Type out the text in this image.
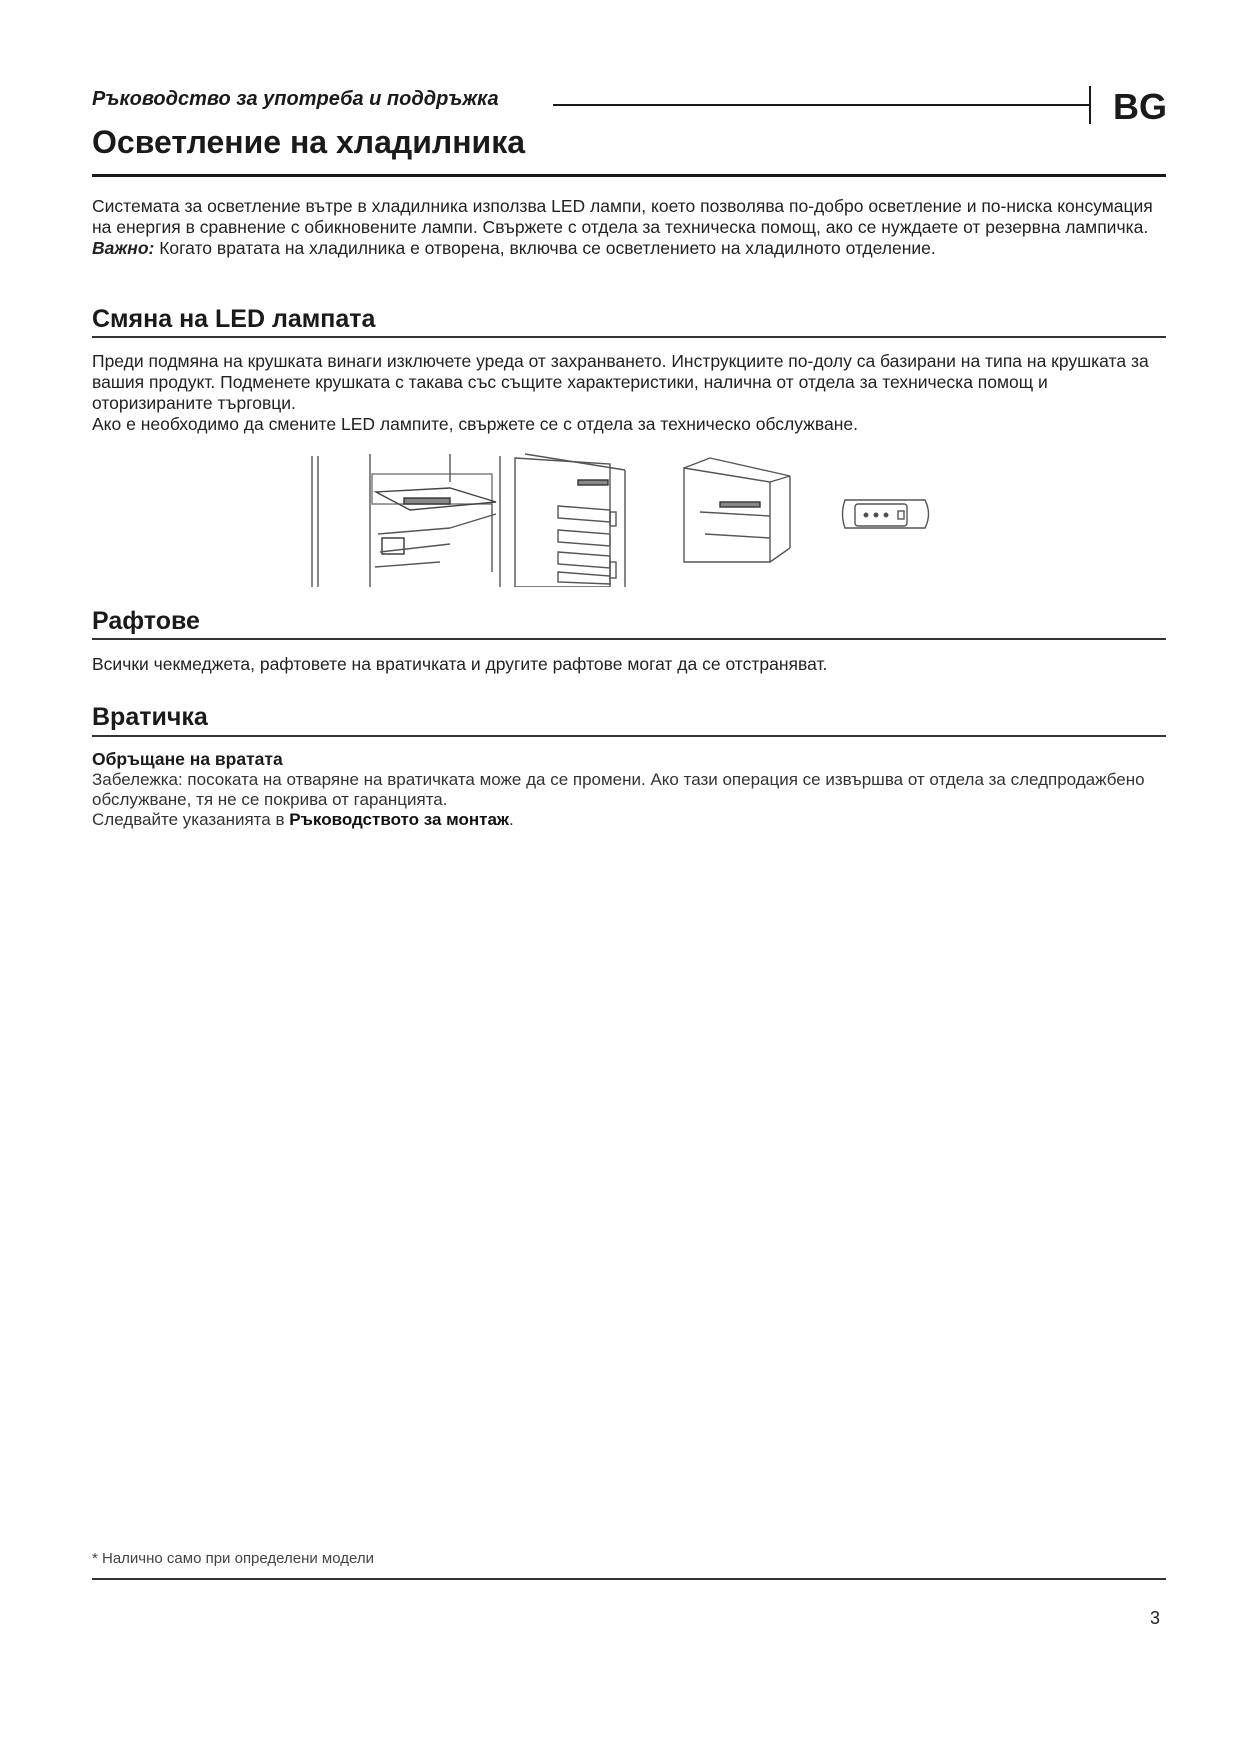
Ръководство за употреба и поддръжка	BG
Осветление на хладилника
Системата за осветление вътре в хладилника използва LED лампи, което позволява по-добро осветление и по-ниска консумация на енергия в сравнение с обикновените лампи. Свържете с отдела за техническа помощ, ако се нуждаете от резервна лампичка.
Важно: Когато вратата на хладилника е отворена, включва се осветлението на хладилното отделение.
Смяна на LED лампата
Преди подмяна на крушката винаги изключете уреда от захранването. Инструкциите по-долу са базирани на типа на крушката за вашия продукт. Подменете крушката с такава със същите характеристики, налична от отдела за техническа помощ и оторизираните търговци.
Ако е необходимо да смените LED лампите, свържете се с отдела за техническо обслужване.
Рафтове
Всички чекмеджета, рафтовете на вратичката и другите рафтове могат да се отстраняват.
Вратичка
Обръщане на вратата
Забележка: посоката на отваряне на вратичката може да се промени. Ако тази операция се извършва от отдела за следпродажбено обслужване, тя не се покрива от гаранцията.
Следвайте указанията в Ръководството за монтаж.
* Налично само при определени модели
3
